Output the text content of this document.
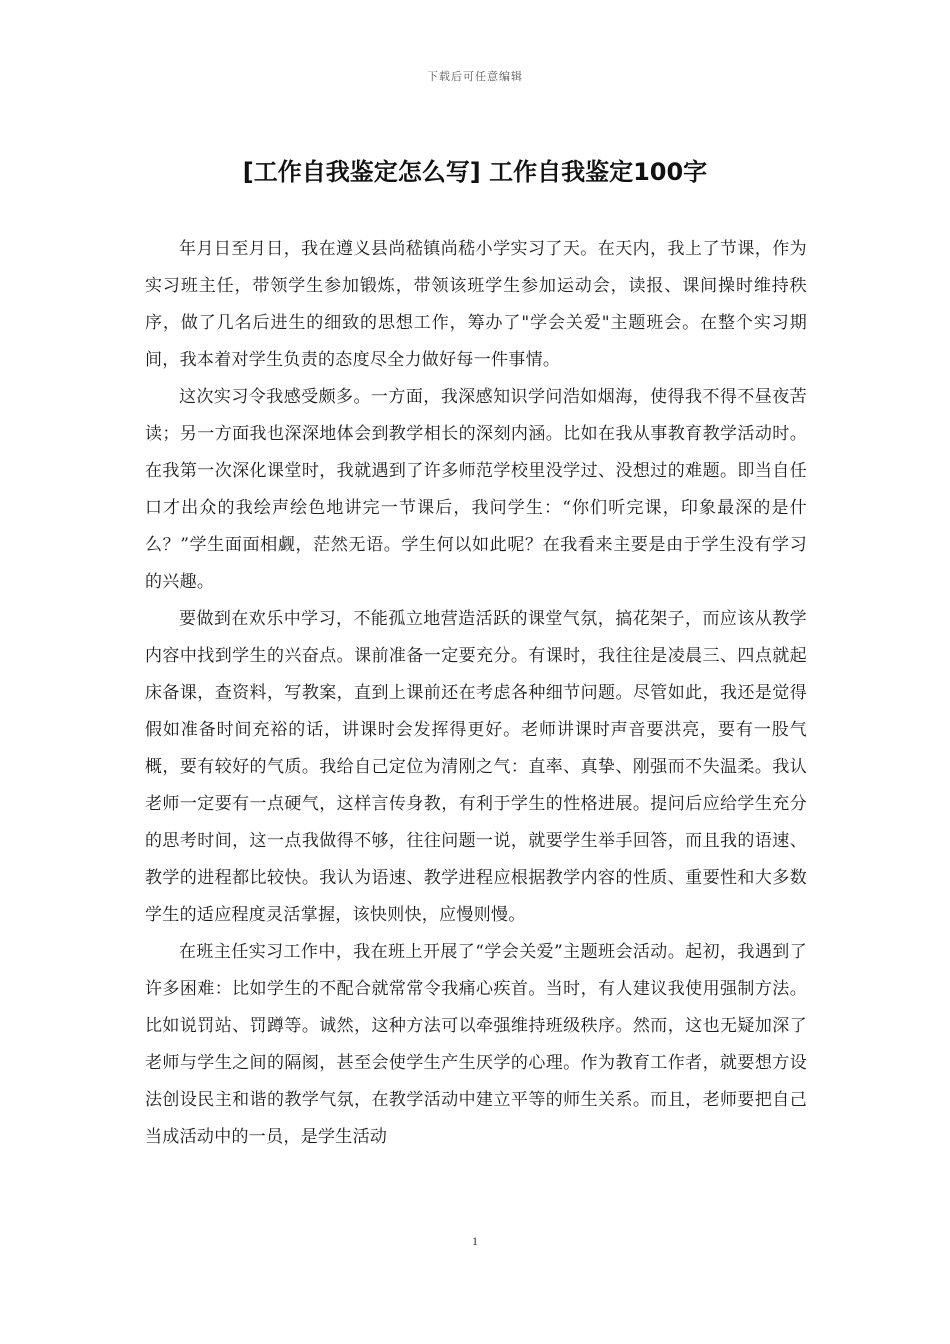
下载后可任意编辑
[工作自我鉴定怎么写] 工作自我鉴定100字

年月日至月日，我在遵义县尚嵇镇尚嵇小学实习了天。在天内，我上了节课，作为实习班主任，带领学生参加锻炼，带领该班学生参加运动会，读报、课间操时维持秩序，做了几名后进生的细致的思想工作，筹办了"学会关爱"主题班会。在整个实习期间，我本着对学生负责的态度尽全力做好每一件事情。

这次实习令我感受颇多。一方面，我深感知识学问浩如烟海，使得我不得不昼夜苦读；另一方面我也深深地体会到教学相长的深刻内涵。比如在我从事教育教学活动时。在我第一次深化课堂时，我就遇到了许多师范学校里没学过、没想过的难题。即当自任口才出众的我绘声绘色地讲完一节课后，我问学生：“你们听完课，印象最深的是什么？”学生面面相觑，茫然无语。学生何以如此呢？在我看来主要是由于学生没有学习的兴趣。

要做到在欢乐中学习，不能孤立地营造活跃的课堂气氛，搞花架子，而应该从教学内容中找到学生的兴奋点。课前准备一定要充分。有课时，我往往是凌晨三、四点就起床备课，查资料，写教案，直到上课前还在考虑各种细节问题。尽管如此，我还是觉得假如准备时间充裕的话，讲课时会发挥得更好。老师讲课时声音要洪亮，要有一股气概，要有较好的气质。我给自己定位为清刚之气：直率、真挚、刚强而不失温柔。我认老师一定要有一点硬气，这样言传身教，有利于学生的性格进展。提问后应给学生充分的思考时间，这一点我做得不够，往往问题一说，就要学生举手回答，而且我的语速、教学的进程都比较快。我认为语速、教学进程应根据教学内容的性质、重要性和大多数学生的适应程度灵活掌握，该快则快，应慢则慢。

在班主任实习工作中，我在班上开展了“学会关爱”主题班会活动。起初，我遇到了许多困难：比如学生的不配合就常常令我痛心疾首。当时，有人建议我使用强制方法。比如说罚站、罚蹲等。诚然，这种方法可以牵强维持班级秩序。然而，这也无疑加深了老师与学生之间的隔阂，甚至会使学生产生厌学的心理。作为教育工作者，就要想方设法创设民主和谐的教学气氛，在教学活动中建立平等的师生关系。而且，老师要把自己当成活动中的一员，是学生活动

1
